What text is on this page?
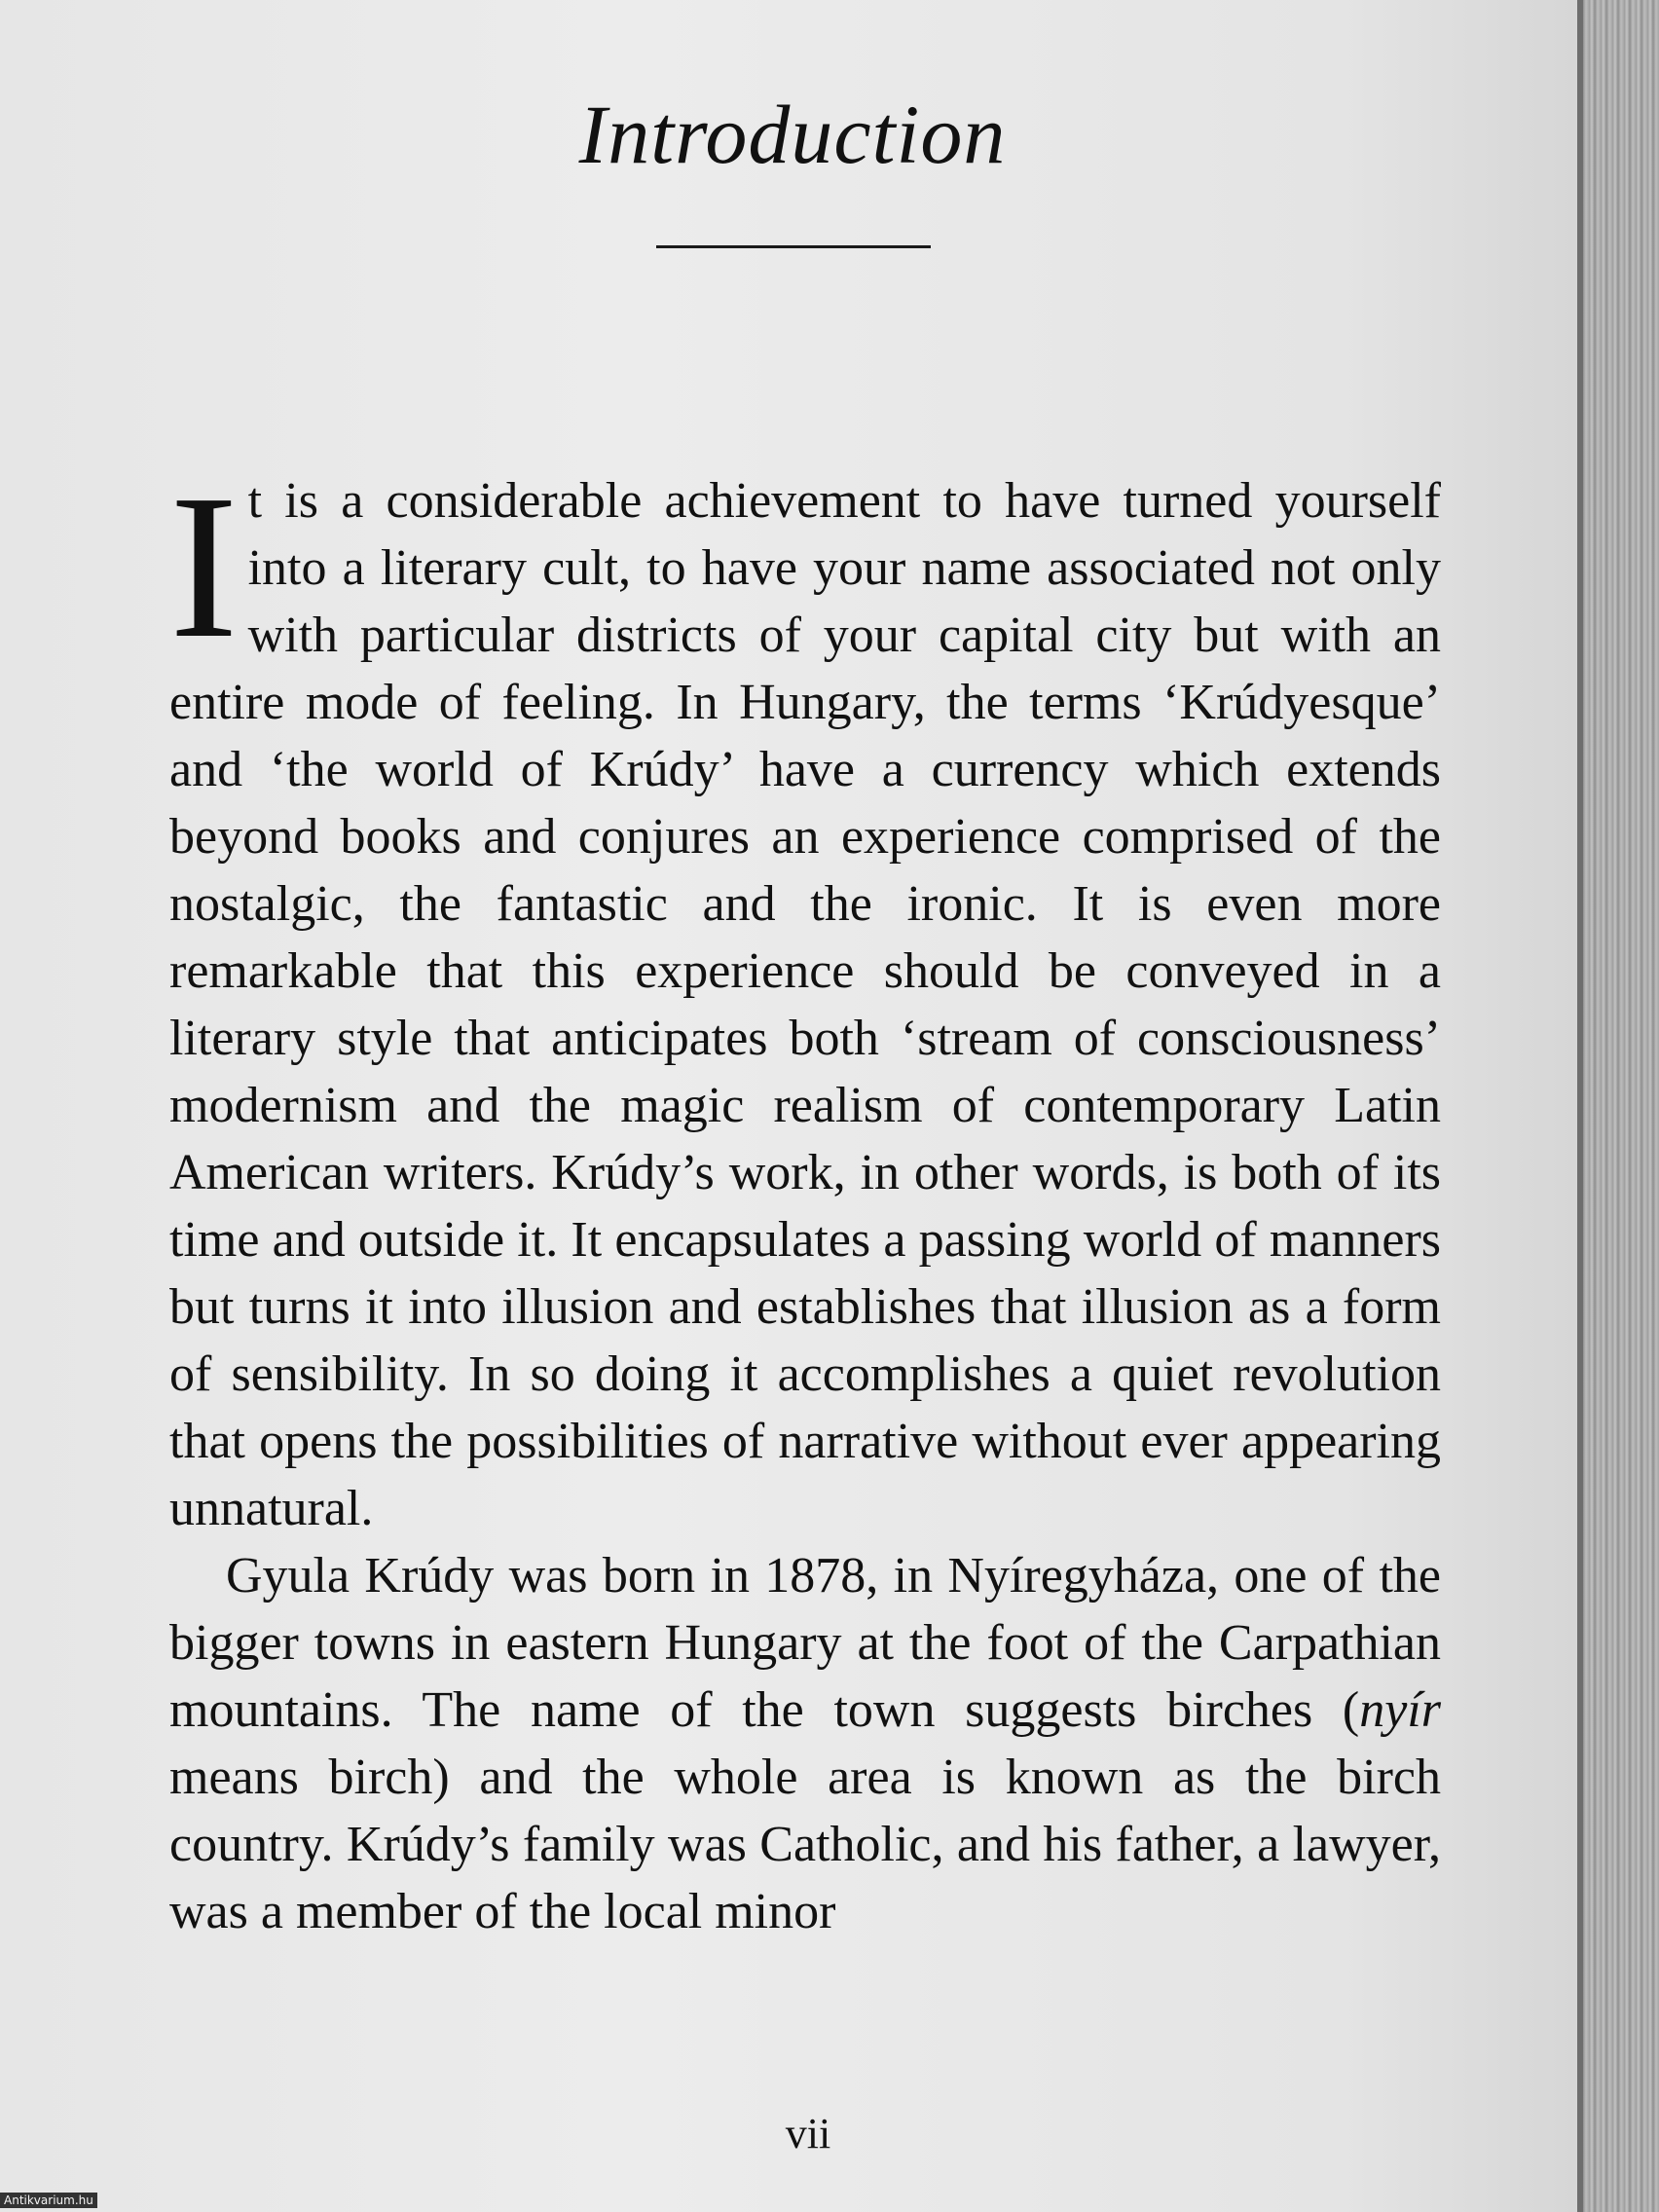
Introduction

It is a considerable achievement to have turned yourself into a literary cult, to have your name associated not only with particular districts of your capital city but with an entire mode of feeling. In Hungary, the terms ‘Krúdyesque’ and ‘the world of Krúdy’ have a currency which extends beyond books and conjures an experience comprised of the nostalgic, the fantastic and the ironic. It is even more remarkable that this experience should be conveyed in a literary style that anticipates both ‘stream of consciousness’ modernism and the magic realism of contemporary Latin American writers. Krúdy’s work, in other words, is both of its time and outside it. It encapsulates a passing world of manners but turns it into illusion and establishes that illusion as a form of sensibility. In so doing it accomplishes a quiet revolution that opens the possibilities of narrative without ever appearing unnatural.

Gyula Krúdy was born in 1878, in Nyíregyháza, one of the bigger towns in eastern Hungary at the foot of the Carpathian mountains. The name of the town suggests birches (nyír means birch) and the whole area is known as the birch country. Krúdy’s family was Catholic, and his father, a lawyer, was a member of the local minor

vii
Antikvarium.hu
